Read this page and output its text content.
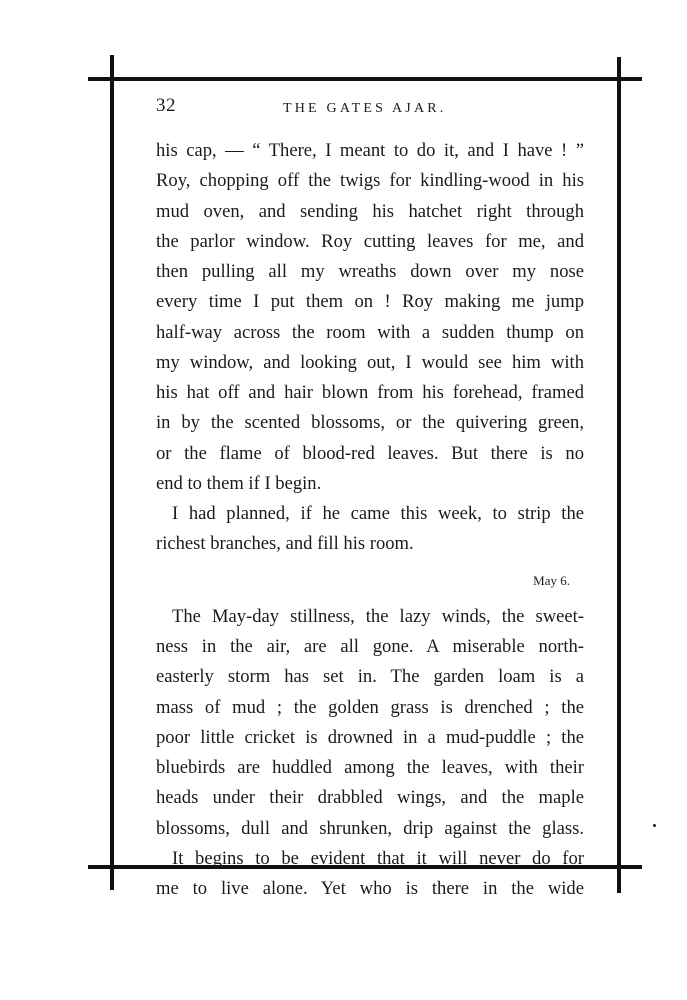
32	THE GATES AJAR.
his cap, — “ There, I meant to do it, and I have ! ”
Roy, chopping off the twigs for kindling-wood in his
mud oven, and sending his hatchet right through
the parlor window. Roy cutting leaves for me, and
then pulling all my wreaths down over my nose
every time I put them on ! Roy making me jump
half-way across the room with a sudden thump on
my window, and looking out, I would see him with
his hat off and hair blown from his forehead, framed
in by the scented blossoms, or the quivering green,
or the flame of blood-red leaves. But there is no
end to them if I begin.
I had planned, if he came this week, to strip the
richest branches, and fill his room.
May 6.
The May-day stillness, the lazy winds, the sweet-
ness in the air, are all gone. A miserable north-
easterly storm has set in. The garden loam is a
mass of mud ; the golden grass is drenched ; the
poor little cricket is drowned in a mud-puddle ; the
bluebirds are huddled among the leaves, with their
heads under their drabbled wings, and the maple
blossoms, dull and shrunken, drip against the glass.
It begins to be evident that it will never do for
me to live alone. Yet who is there in the wide
